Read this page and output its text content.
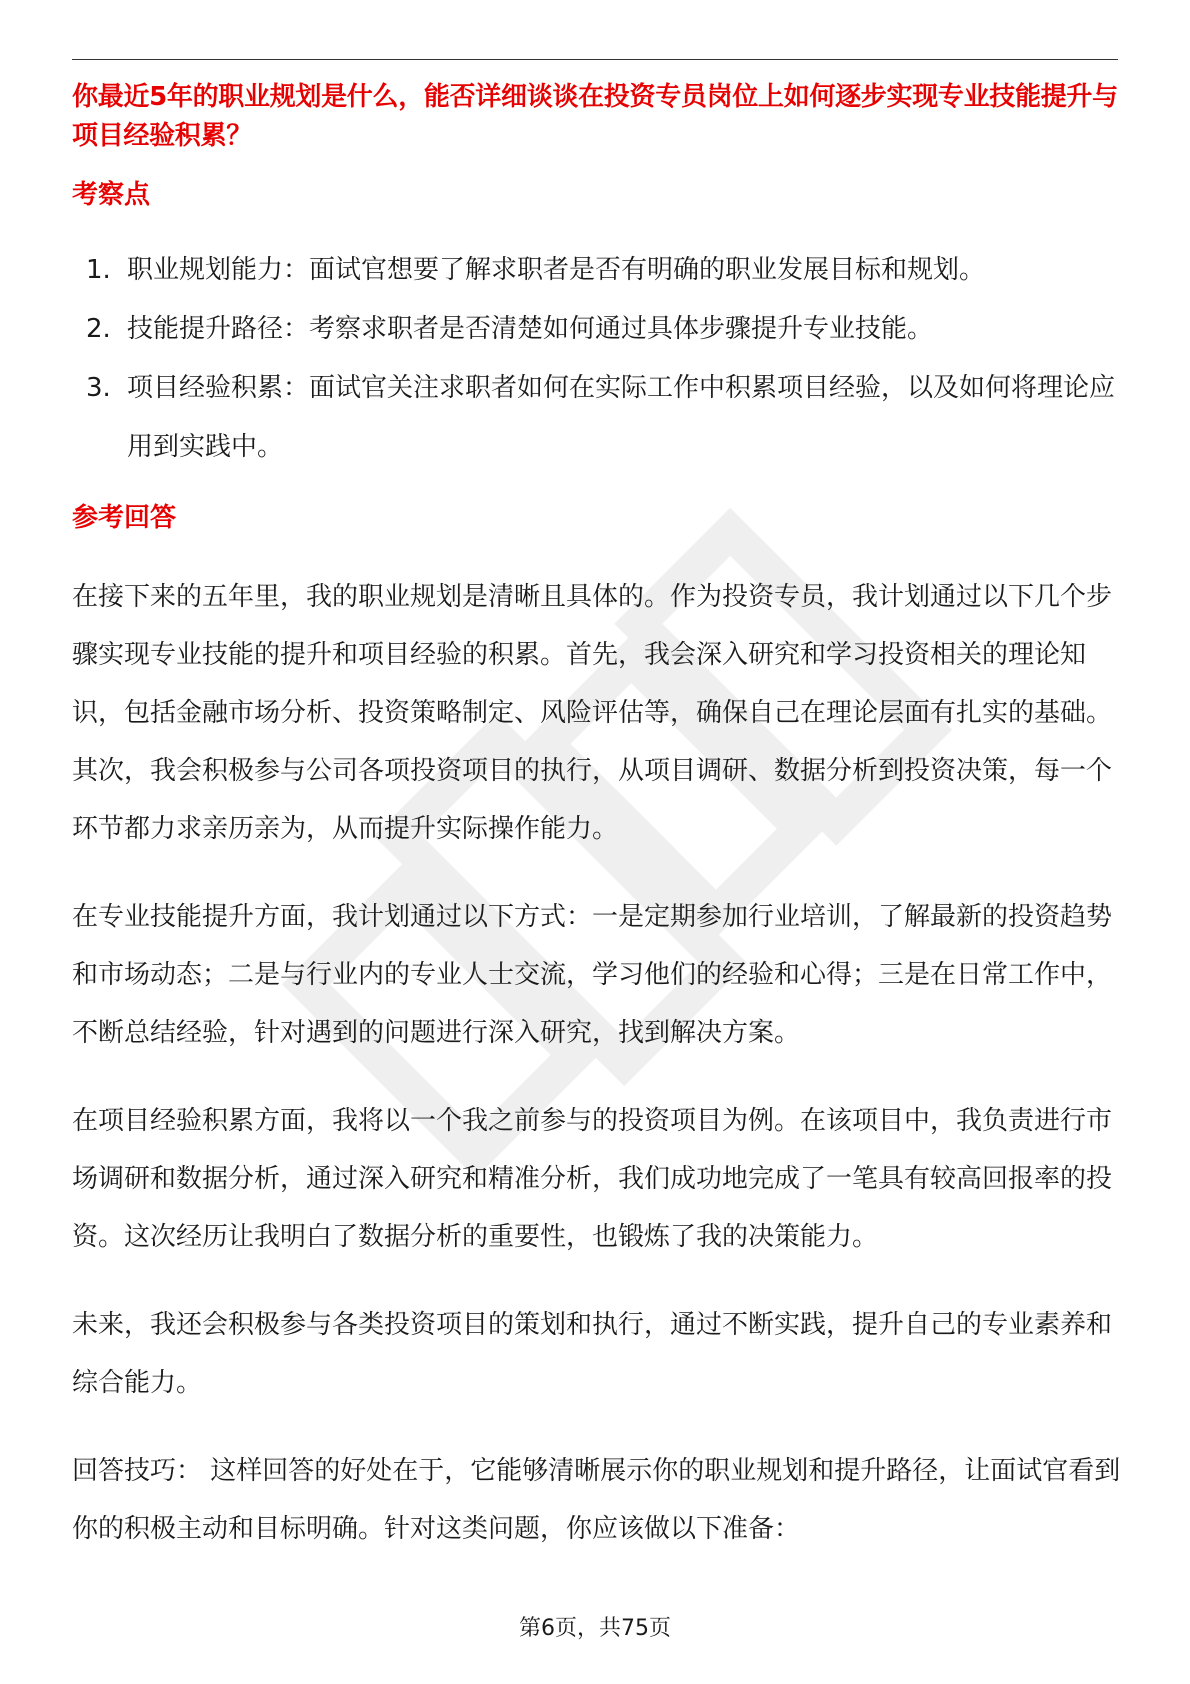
你最近5年的职业规划是什么，能否详细谈谈在投资专员岗位上如何逐步实现专业技能提升与项目经验积累？

考察点
1. 职业规划能力：面试官想要了解求职者是否有明确的职业发展目标和规划。
2. 技能提升路径：考察求职者是否清楚如何通过具体步骤提升专业技能。
3. 项目经验积累：面试官关注求职者如何在实际工作中积累项目经验，以及如何将理论应用到实践中。
参考回答

在接下来的五年里，我的职业规划是清晰且具体的。作为投资专员，我计划通过以下几个步骤实现专业技能的提升和项目经验的积累。首先，我会深入研究和学习投资相关的理论知识，包括金融市场分析、投资策略制定、风险评估等，确保自己在理论层面有扎实的基础。其次，我会积极参与公司各项投资项目的执行，从项目调研、数据分析到投资决策，每一个环节都力求亲历亲为，从而提升实际操作能力。

在专业技能提升方面，我计划通过以下方式：一是定期参加行业培训，了解最新的投资趋势和市场动态；二是与行业内的专业人士交流，学习他们的经验和心得；三是在日常工作中，不断总结经验，针对遇到的问题进行深入研究，找到解决方案。

在项目经验积累方面，我将以一个我之前参与的投资项目为例。在该项目中，我负责进行市场调研和数据分析，通过深入研究和精准分析，我们成功地完成了一笔具有较高回报率的投资。这次经历让我明白了数据分析的重要性，也锻炼了我的决策能力。

未来，我还会积极参与各类投资项目的策划和执行，通过不断实践，提升自己的专业素养和综合能力。

回答技巧： 这样回答的好处在于，它能够清晰展示你的职业规划和提升路径，让面试官看到你的积极主动和目标明确。针对这类问题，你应该做以下准备：

第6页，共75页
